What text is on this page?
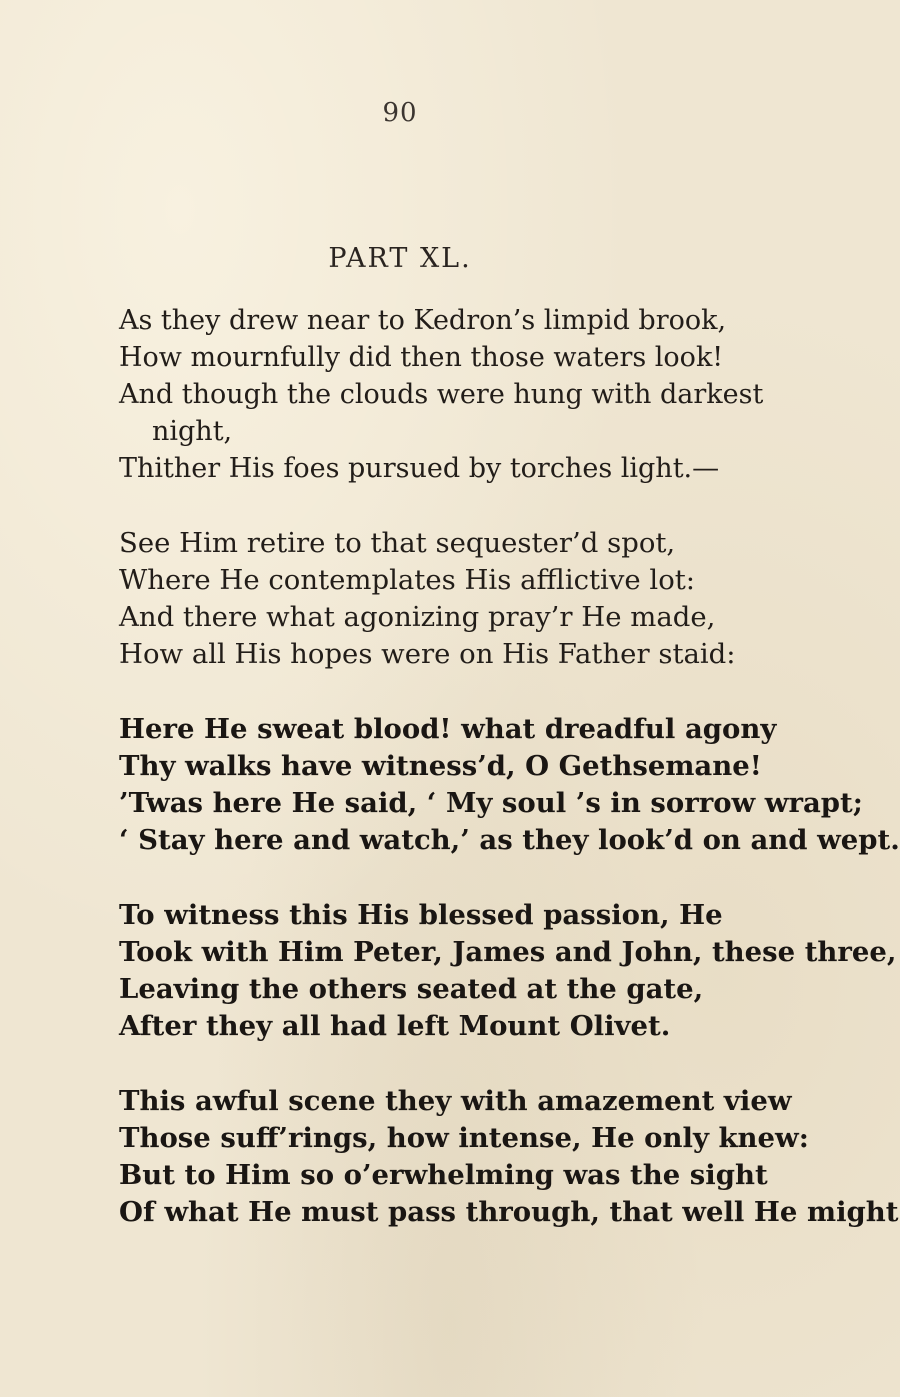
90
PART XL.
As they drew near to Kedron’s limpid brook,
How mournfully did then those waters look!
And though the clouds were hung with darkest
night,
Thither His foes pursued by torches light.—
See Him retire to that sequester’d spot,
Where He contemplates His afflictive lot:
And there what agonizing pray’r He made,
How all His hopes were on His Father staid:
Here He sweat blood! what dreadful agony
Thy walks have witness’d, O Gethsemane!
’Twas here He said, ‘ My soul ’s in sorrow wrapt;
‘ Stay here and watch,’ as they look’d on and wept.
To witness this His blessed passion, He
Took with Him Peter, James and John, these three,
Leaving the others seated at the gate,
After they all had left Mount Olivet.
This awful scene they with amazement view
Those suff’rings, how intense, He only knew:
But to Him so o’erwhelming was the sight
Of what He must pass through, that well He might
